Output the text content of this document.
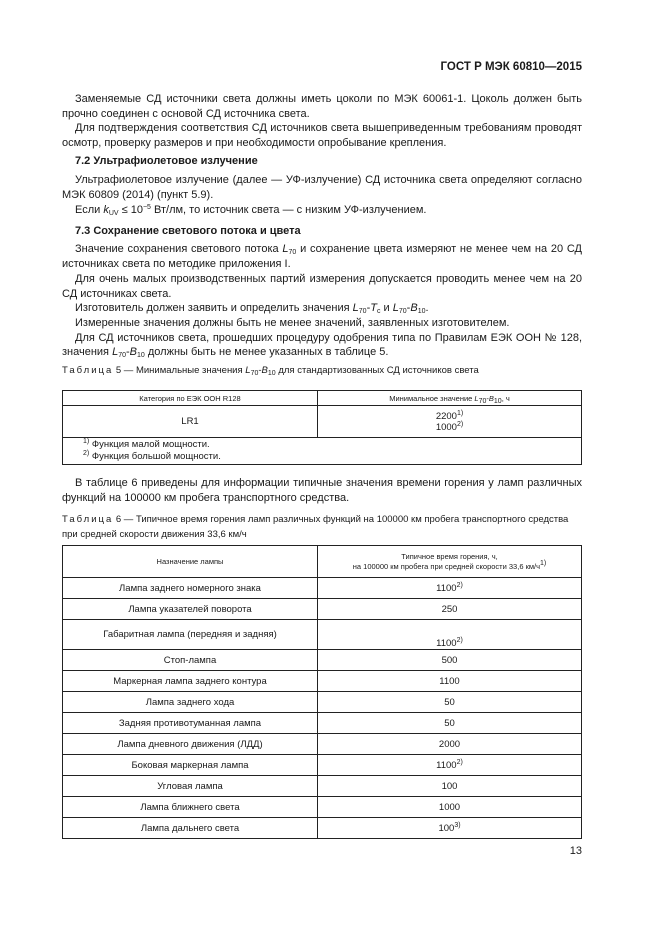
ГОСТ Р МЭК 60810—2015
Заменяемые СД источники света должны иметь цоколи по МЭК 60061-1. Цоколь должен быть прочно соединен с основой СД источника света.
Для подтверждения соответствия СД источников света вышеприведенным требованиям проводят осмотр, проверку размеров и при необходимости опробывание крепления.
7.2 Ультрафиолетовое излучение
Ультрафиолетовое излучение (далее — УФ-излучение) СД источника света определяют согласно МЭК 60809 (2014) (пункт 5.9).
Если $k_{UV} \le 10^{-5}$ Вт/лм, то источник света — с низким УФ-излучением.
7.3 Сохранение светового потока и цвета
Значение сохранения светового потока $L_{70}$ и сохранение цвета измеряют не менее чем на 20 СД источниках света по методике приложения I.
Для очень малых производственных партий измерения допускается проводить менее чем на 20 СД источниках света.
Изготовитель должен заявить и определить значения $L_{70}-T_c$ и $L_{70}-B_{10}$.
Измеренные значения должны быть не менее значений, заявленных изготовителем.
Для СД источников света, прошедших процедуру одобрения типа по Правилам ЕЭК ООН № 128, значения $L_{70}-B_{10}$ должны быть не менее указанных в таблице 5.
Таблица 5 — Минимальные значения $L_{70}-B_{10}$ для стандартизованных СД источников света
Категория по ЕЭК ООН R128	Минимальное значение $L_{70}-B_{10}$, ч
LR1	2200$^{1)}$
1000$^{2)}$
$^{1)}$ Функция малой мощности.
$^{2)}$ Функция большой мощности.	
В таблице 6 приведены для информации типичные значения времени горения у ламп различных функций на 100000 км пробега транспортного средства.
Таблица 6 — Типичное время горения ламп различных функций на 100000 км пробега транспортного средства при средней скорости движения 33,6 км/ч
Назначение лампы	Типичное время горения, ч,
на 100000 км пробега при средней скорости 33,6 $км/ч^{1)}$
Лампа заднего номерного знака	1100$^{2)}$
Лампа указателей поворота	250
Габаритная лампа (передняя и задняя)	1100$^{2)}$
Стоп-лампа	500
Маркерная лампа заднего контура	1100
Лампа заднего хода	50
Задняя противотуманная лампа	50
Лампа дневного движения (ЛДД)	2000
Боковая маркерная лампа	1100$^{2)}$
Угловая лампа	100
Лампа ближнего света	1000
Лампа дальнего света	100$^{3)}$
13
